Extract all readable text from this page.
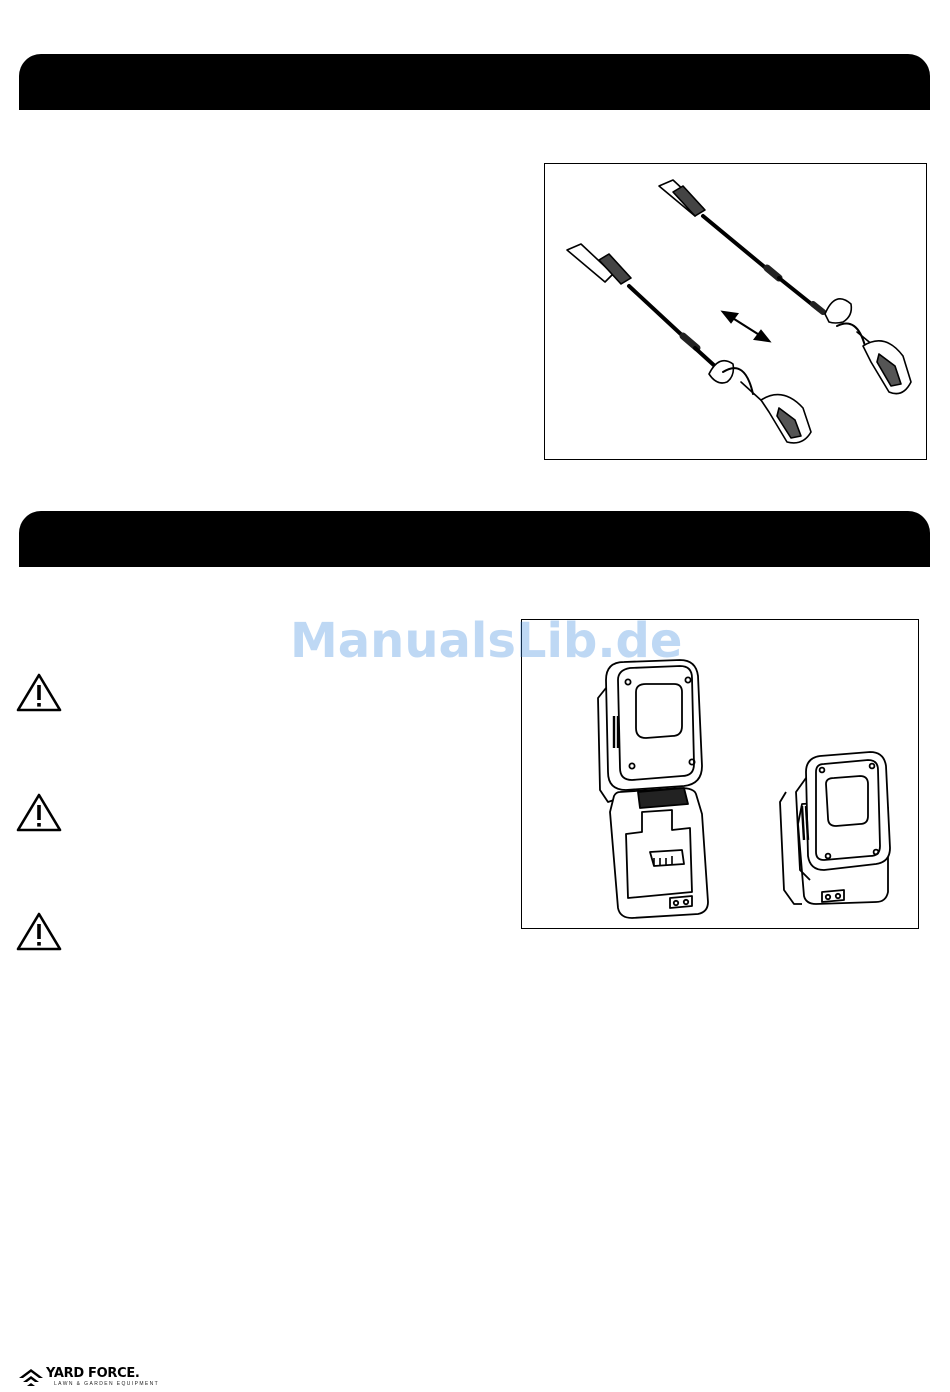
ManualsLib.de
YARD FORCE.
LAWN & GARDEN EQUIPMENT
